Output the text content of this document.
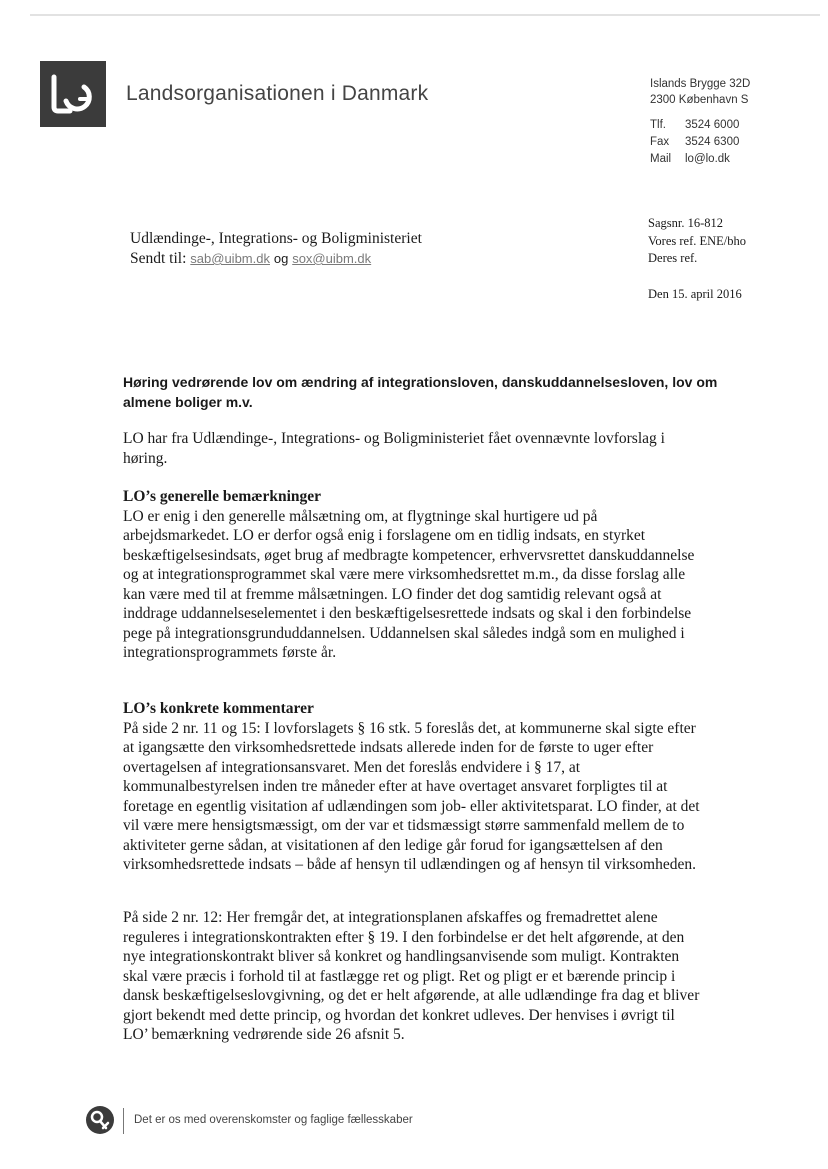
Landsorganisationen i Danmark	Islands Brygge 32D
2300 København S
Tlf. 3524 6000
Fax 3524 6300
Mail lo@lo.dk
Sagsnr. 16-812
Vores ref. ENE/bho
Deres ref.
Den 15. april 2016
Udlændinge-, Integrations- og Boligministeriet
Sendt til: sab@uibm.dk og sox@uibm.dk
Høring vedrørende lov om ændring af integrationsloven, danskuddannelsesloven, lov om almene boliger m.v.
LO har fra Udlændinge-, Integrations- og Boligministeriet fået ovennævnte lovforslag i høring.
LO’s generelle bemærkninger
LO er enig i den generelle målsætning om, at flygtninge skal hurtigere ud på arbejdsmarkedet. LO er derfor også enig i forslagene om en tidlig indsats, en styrket beskæftigelsesindsats, øget brug af medbragte kompetencer, erhvervsrettet danskuddannelse og at integrationsprogrammet skal være mere virksomhedsrettet m.m., da disse forslag alle kan være med til at fremme målsætningen. LO finder det dog samtidig relevant også at inddrage uddannelseselementet i den beskæftigelsesrettede indsats og skal i den forbindelse pege på integrationsgrunduddannelsen. Uddannelsen skal således indgå som en mulighed i integrationsprogrammets første år.
LO’s konkrete kommentarer
På side 2 nr. 11 og 15: I lovforslagets § 16 stk. 5 foreslås det, at kommunerne skal sigte efter at igangsætte den virksomhedsrettede indsats allerede inden for de første to uger efter overtagelsen af integrationsansvaret. Men det foreslås endvidere i § 17, at kommunalbestyrelsen inden tre måneder efter at have overtaget ansvaret forpligtes til at foretage en egentlig visitation af udlændingen som job- eller aktivitetsparat. LO finder, at det vil være mere hensigtsmæssigt, om der var et tidsmæssigt større sammenfald mellem de to aktiviteter gerne sådan, at visitationen af den ledige går forud for igangsættelsen af den virksomhedsrettede indsats – både af hensyn til udlændingen og af hensyn til virksomheden.
På side 2 nr. 12: Her fremgår det, at integrationsplanen afskaffes og fremadrettet alene reguleres i integrationskontrakten efter § 19. I den forbindelse er det helt afgørende, at den nye integrationskontrakt bliver så konkret og handlingsanvisende som muligt. Kontrakten skal være præcis i forhold til at fastlægge ret og pligt. Ret og pligt er et bærende princip i dansk beskæftigelseslovgivning, og det er helt afgørende, at alle udlændinge fra dag et bliver gjort bekendt med dette princip, og hvordan det konkret udleves. Der henvises i øvrigt til LO’ bemærkning vedrørende side 26 afsnit 5.
Det er os med overenskomster og faglige fællesskaber
